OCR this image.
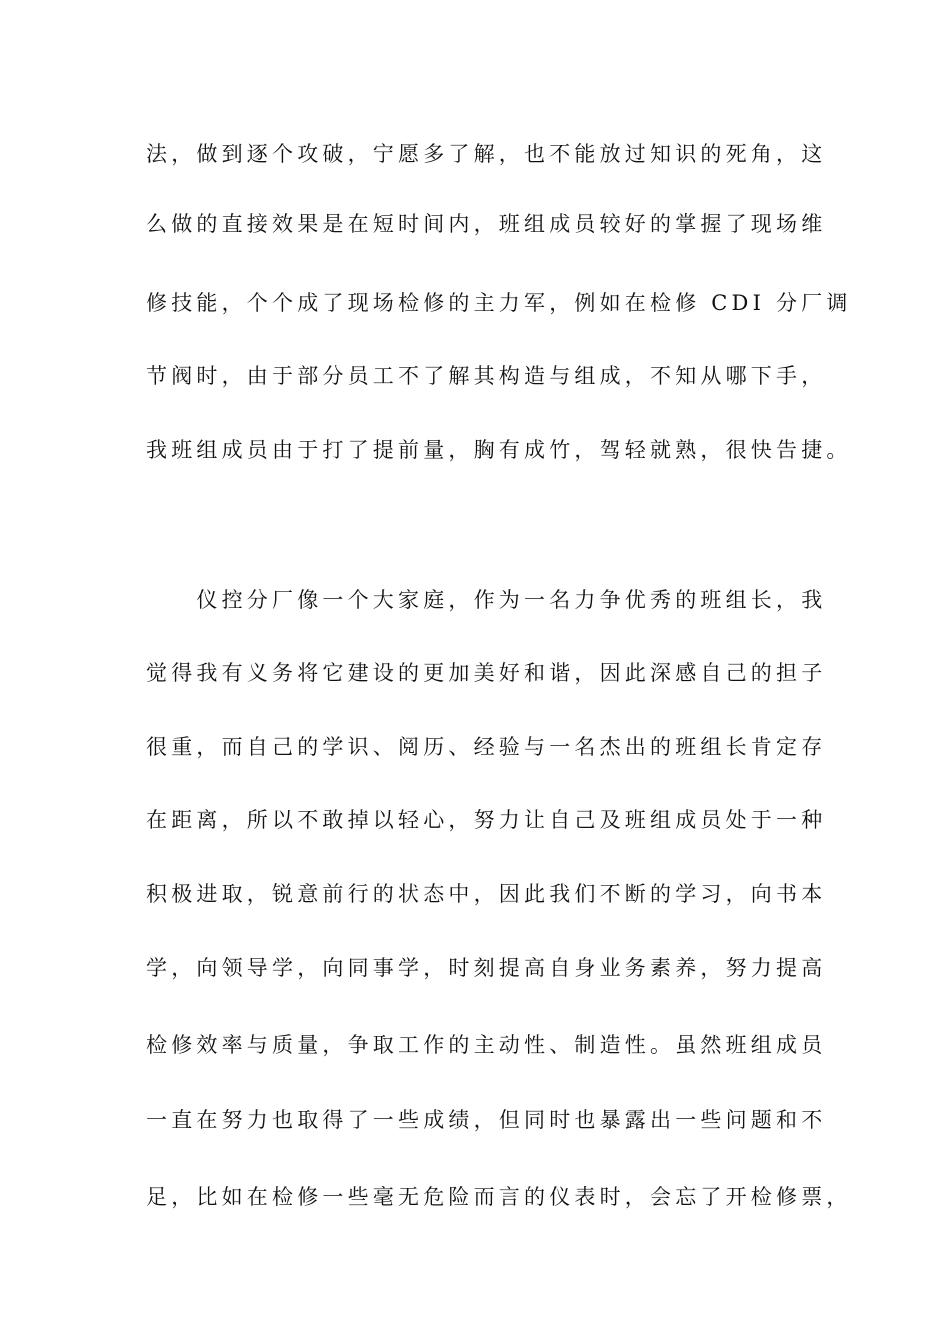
法，做到逐个攻破，宁愿多了解，也不能放过知识的死角，这
么做的直接效果是在短时间内，班组成员较好的掌握了现场维
修技能，个个成了现场检修的主力军，例如在检修 CDI 分厂调
节阀时，由于部分员工不了解其构造与组成，不知从哪下手，
我班组成员由于打了提前量，胸有成竹，驾轻就熟，很快告捷。
　　仪控分厂像一个大家庭，作为一名力争优秀的班组长，我
觉得我有义务将它建设的更加美好和谐，因此深感自己的担子
很重，而自己的学识、阅历、经验与一名杰出的班组长肯定存
在距离，所以不敢掉以轻心，努力让自己及班组成员处于一种
积极进取，锐意前行的状态中，因此我们不断的学习，向书本
学，向领导学，向同事学，时刻提高自身业务素养，努力提高
检修效率与质量，争取工作的主动性、制造性。虽然班组成员
一直在努力也取得了一些成绩，但同时也暴露出一些问题和不
足，比如在检修一些毫无危险而言的仪表时，会忘了开检修票，
